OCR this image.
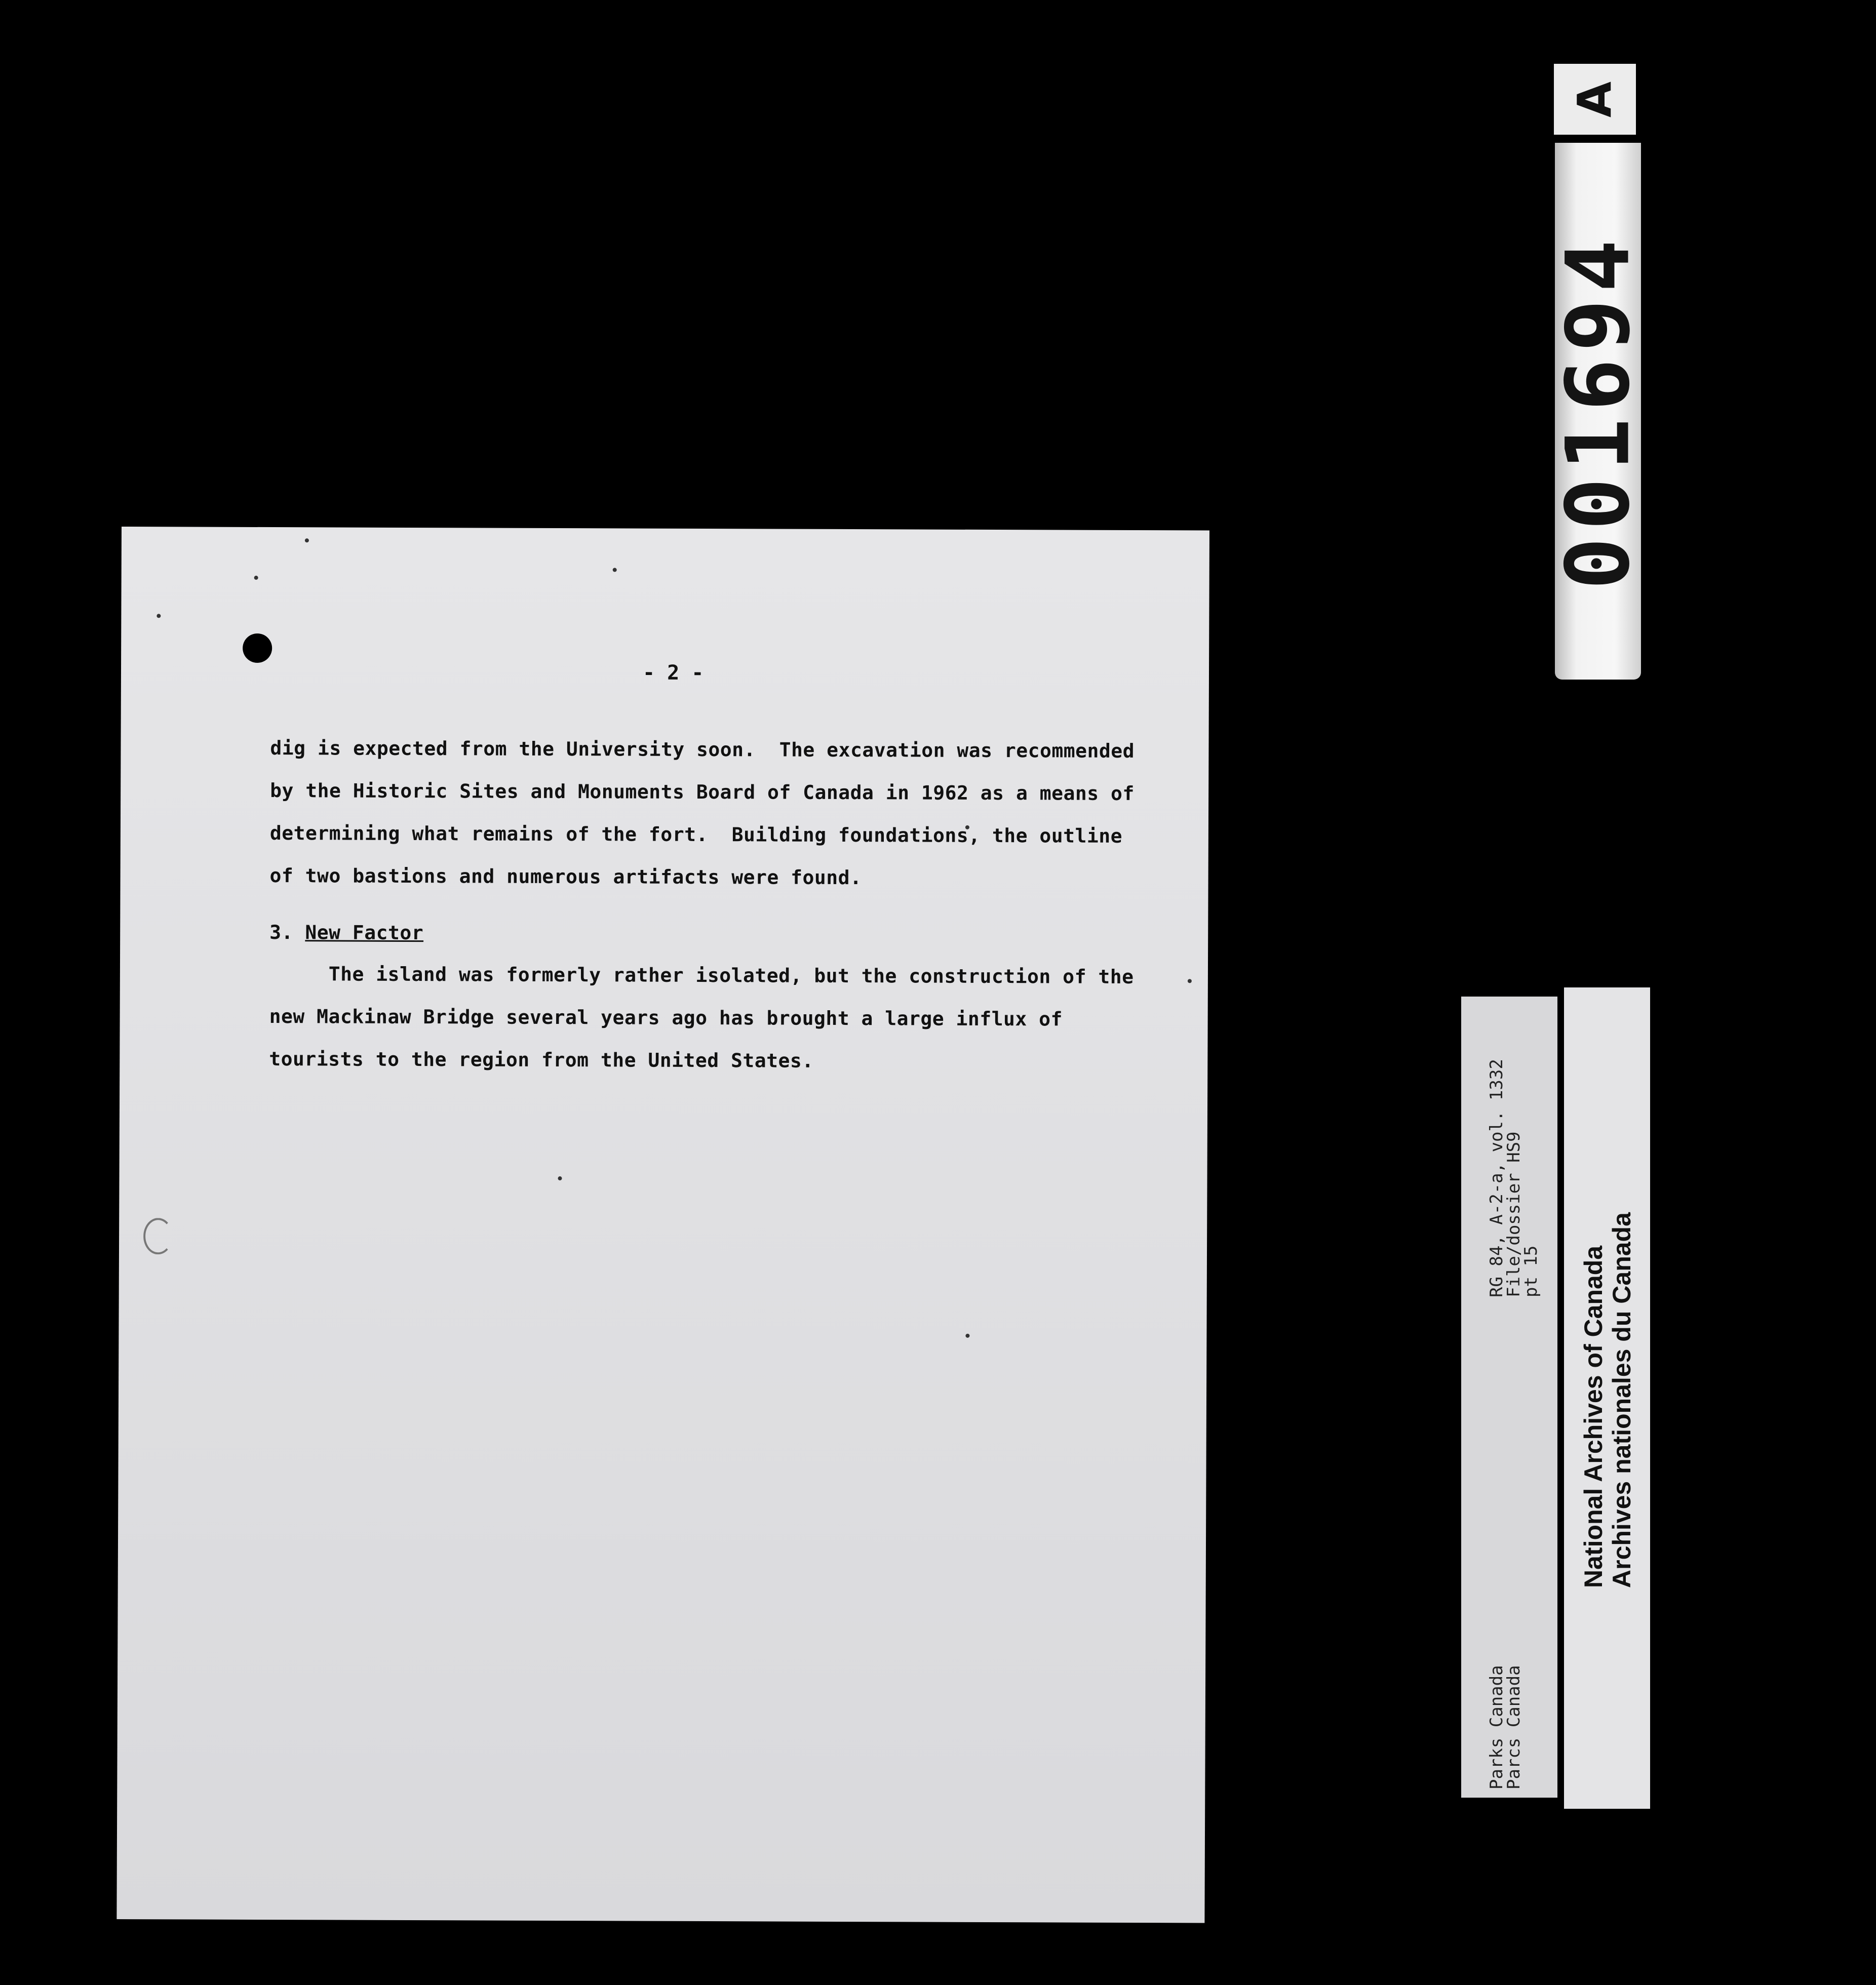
- 2 -
dig is expected from the University soon.  The excavation was recommended
by the Historic Sites and Monuments Board of Canada in 1962 as a means of
determining what remains of the fort.  Building foundations, the outline
of two bastions and numerous artifacts were found.
3. New Factor
The island was formerly rather isolated, but the construction of the
new Mackinaw Bridge several years ago has brought a large influx of
tourists to the region from the United States.
A
001694
Parks Canada
Parcs Canada
RG 84, A-2-a, vol. 1332
File/dossier HS9
pt 15 National Archives of Canada
Archives nationales du Canada
